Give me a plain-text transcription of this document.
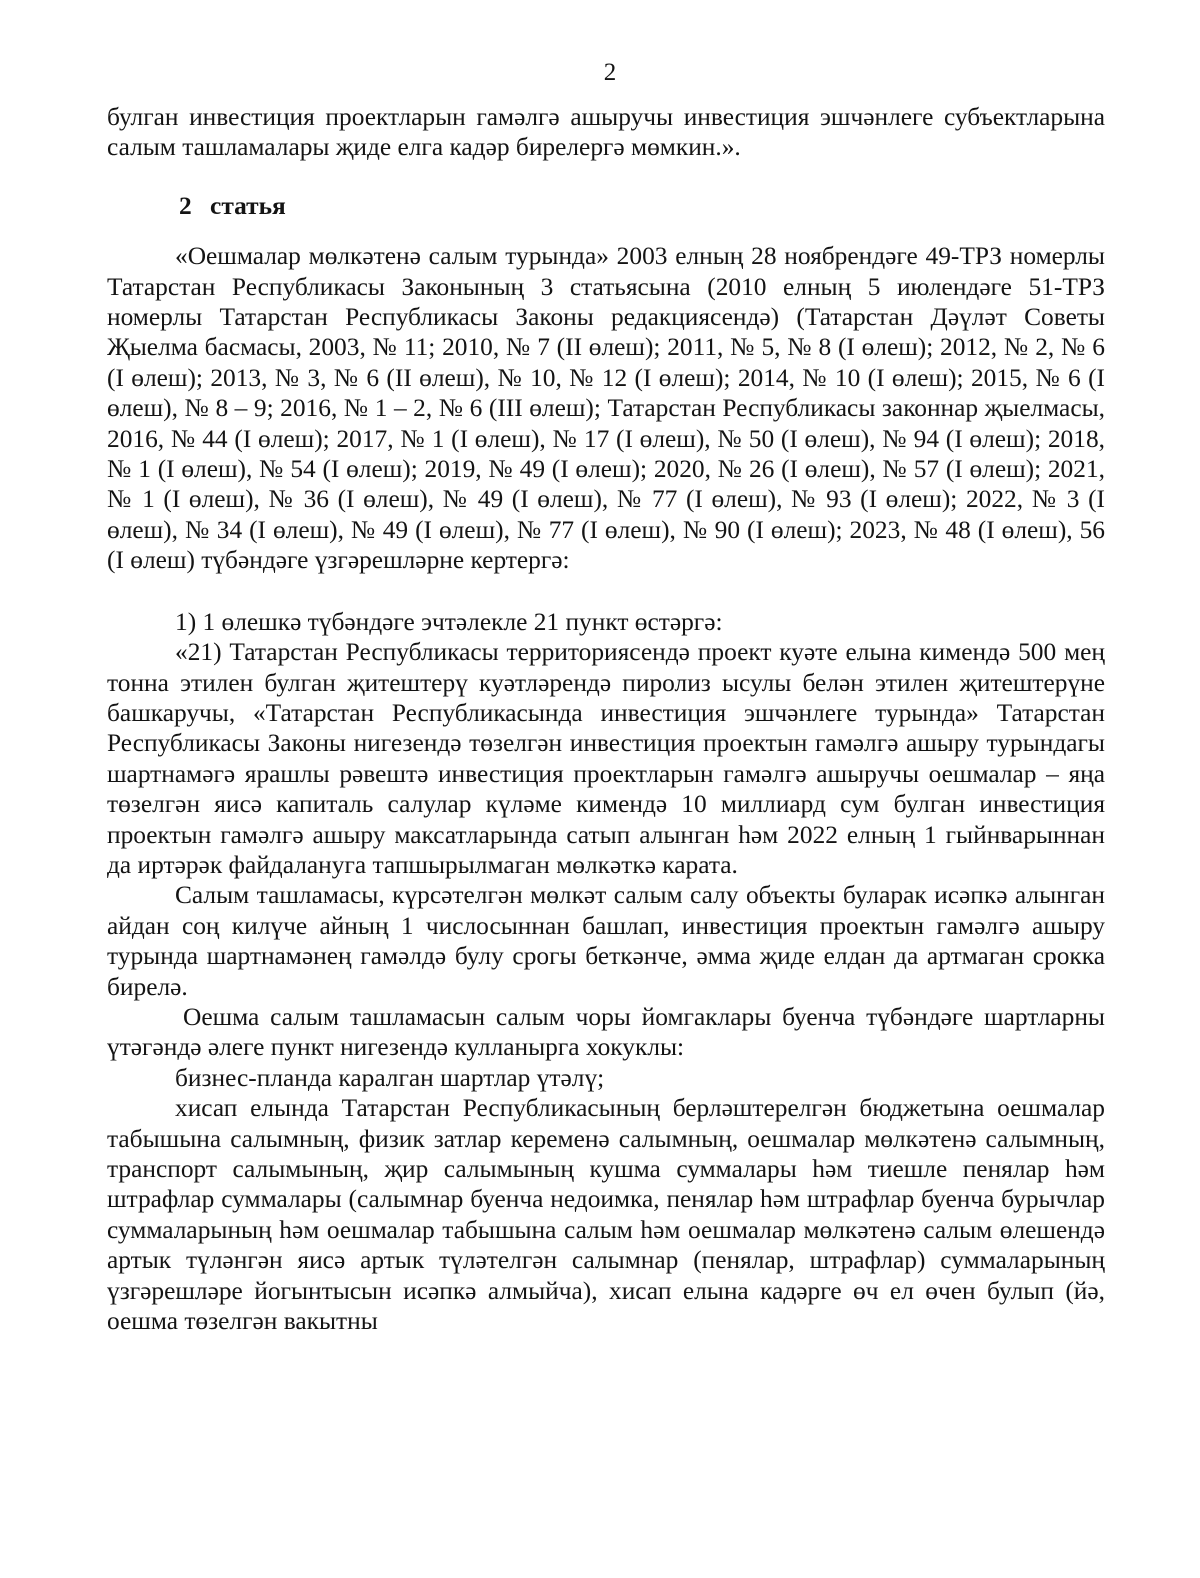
2

булган инвестиция проектларын гамәлгә ашыручы инвестиция эшчәнлеге субъектларына салым ташламалары җиде елга кадәр бирелергә мөмкин.».

2 статья

«Оешмалар мөлкәтенә салым турында» 2003 елның 28 ноябрендәге 49-ТРЗ номерлы Татарстан Республикасы Законының 3 статьясына (2010 елның 5 июлендәге 51-ТРЗ номерлы Татарстан Республикасы Законы редакциясендә) (Татарстан Дәүләт Советы Җыелма басмасы, 2003, № 11; 2010, № 7 (II өлеш); 2011, № 5, № 8 (I өлеш); 2012, № 2, № 6 (I өлеш); 2013, № 3, № 6 (II өлеш), № 10, № 12 (I өлеш); 2014, № 10 (I өлеш); 2015, № 6 (I өлеш), № 8 – 9; 2016, № 1 – 2, № 6 (III өлеш); Татарстан Республикасы законнар җыелмасы, 2016, № 44 (I өлеш); 2017, № 1 (I өлеш), № 17 (I өлеш), № 50 (I өлеш), № 94 (I өлеш); 2018, № 1 (I өлеш), № 54 (I өлеш); 2019, № 49 (I өлеш); 2020, № 26 (I өлеш), № 57 (I өлеш); 2021, № 1 (I өлеш), № 36 (I өлеш), № 49 (I өлеш), № 77 (I өлеш), № 93 (I өлеш); 2022, № 3 (I өлеш), № 34 (I өлеш), № 49 (I өлеш), № 77 (I өлеш), № 90 (I өлеш); 2023, № 48 (I өлеш), 56 (I өлеш) түбәндәге үзгәрешләрне кертергә:

1) 1 өлешкә түбәндәге эчтәлекле 21 пункт өстәргә:

«21) Татарстан Республикасы территориясендә проект куәте елына кимендә 500 мең тонна этилен булган җитештерү куәтләрендә пиролиз ысулы белән этилен җитештерүне башкаручы, «Татарстан Республикасында инвестиция эшчәнлеге турында» Татарстан Республикасы Законы нигезендә төзелгән инвестиция проектын гамәлгә ашыру турындагы шартнамәгә ярашлы рәвештә инвестиция проектларын гамәлгә ашыручы оешмалар – яңа төзелгән яисә капиталь салулар күләме кимендә 10 миллиард сум булган инвестиция проектын гамәлгә ашыру максатларында сатып алынган һәм 2022 елның 1 гыйнварыннан да иртәрәк файдалануга тапшырылмаган мөлкәткә карата.

Салым ташламасы, күрсәтелгән мөлкәт салым салу объекты буларак исәпкә алынган айдан соң килүче айның 1 числосыннан башлап, инвестиция проектын гамәлгә ашыру турында шартнамәнең гамәлдә булу срогы беткәнче, әмма җиде елдан да артмаган срокка бирелә.

Оешма салым ташламасын салым чоры йомгаклары буенча түбәндәге шартларны үтәгәндә әлеге пункт нигезендә кулланырга хокуклы:

бизнес-планда каралган шартлар үтәлү;

хисап елында Татарстан Республикасының берләштерелгән бюджетына оешмалар табышына салымның, физик затлар кеременә салымның, оешмалар мөлкәтенә салымның, транспорт салымының, җир салымының кушма суммалары һәм тиешле пенялар һәм штрафлар суммалары (салымнар буенча недоимка, пенялар һәм штрафлар буенча бурычлар суммаларының һәм оешмалар табышына салым һәм оешмалар мөлкәтенә салым өлешендә артык түләнгән яисә артык түләтелгән салымнар (пенялар, штрафлар) суммаларының үзгәрешләре йогынтысын исәпкә алмыйча), хисап елына кадәрге өч ел өчен булып (йә, оешма төзелгән вакытны
